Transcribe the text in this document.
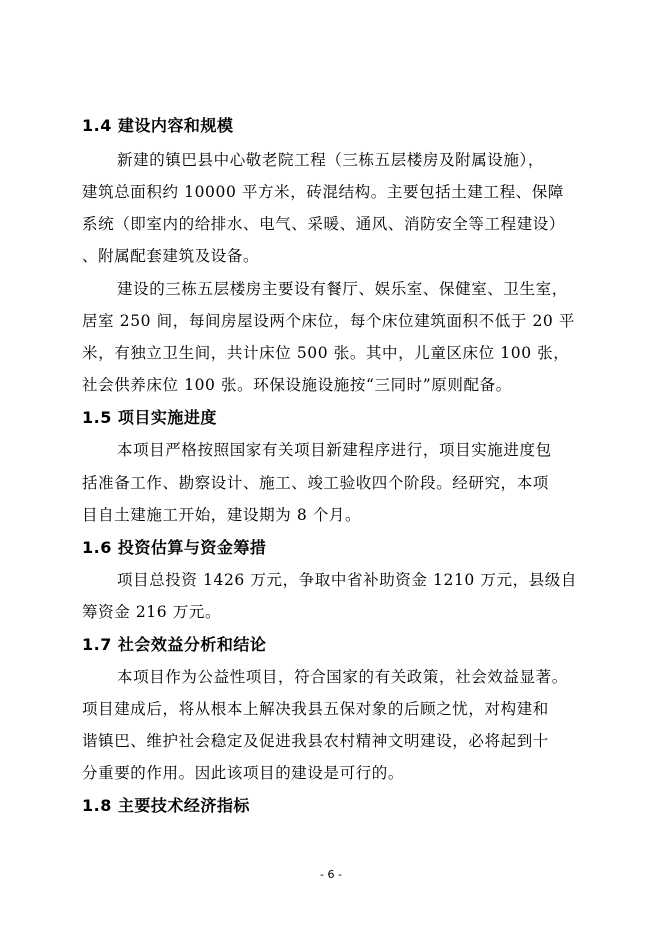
1.4 建设内容和规模
新建的镇巴县中心敬老院工程（三栋五层楼房及附属设施），
建筑总面积约 10000 平方米，砖混结构。主要包括土建工程、保障
系统（即室内的给排水、电气、采暖、通风、消防安全等工程建设）
、附属配套建筑及设备。
建设的三栋五层楼房主要设有餐厅、娱乐室、保健室、卫生室，
居室 250 间，每间房屋设两个床位，每个床位建筑面积不低于 20 平
米，有独立卫生间，共计床位 500 张。其中，儿童区床位 100 张，
社会供养床位 100 张。环保设施设施按“三同时”原则配备。
1.5 项目实施进度
本项目严格按照国家有关项目新建程序进行，项目实施进度包
括准备工作、勘察设计、施工、竣工验收四个阶段。经研究，本项
目自土建施工开始，建设期为 8 个月。
1.6 投资估算与资金筹措
项目总投资 1426 万元，争取中省补助资金 1210 万元，县级自
筹资金 216 万元。
1.7 社会效益分析和结论
本项目作为公益性项目，符合国家的有关政策，社会效益显著。
项目建成后，将从根本上解决我县五保对象的后顾之忧，对构建和
谐镇巴、维护社会稳定及促进我县农村精神文明建设，必将起到十
分重要的作用。因此该项目的建设是可行的。
1.8 主要技术经济指标
- 6 -
